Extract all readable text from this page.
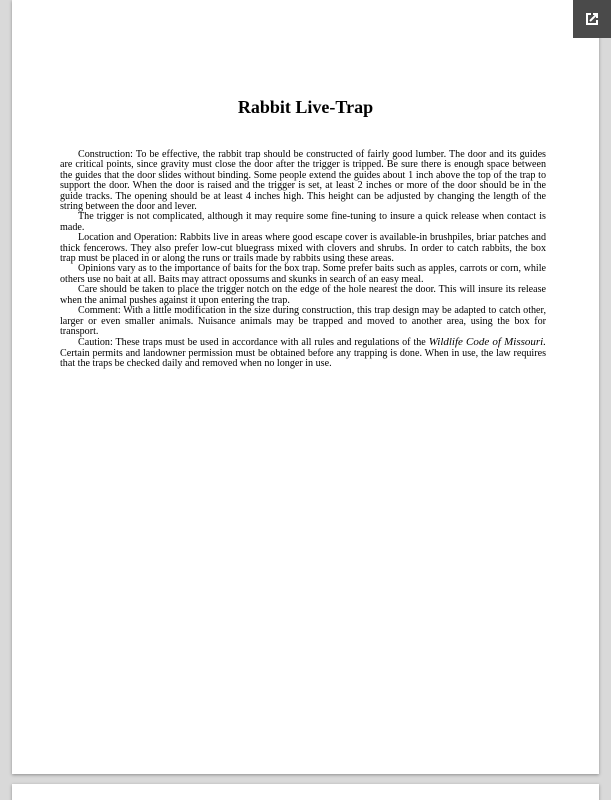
Rabbit Live-Trap

Construction: To be effective, the rabbit trap should be constructed of fairly good lumber. The door and its guides are critical points, since gravity must close the door after the trigger is tripped. Be sure there is enough space between the guides that the door slides without binding. Some people extend the guides about 1 inch above the top of the trap to support the door. When the door is raised and the trigger is set, at least 2 inches or more of the door should be in the guide tracks. The opening should be at least 4 inches high. This height can be adjusted by changing the length of the string between the door and lever.

The trigger is not complicated, although it may require some fine-tuning to insure a quick release when contact is made.

Location and Operation: Rabbits live in areas where good escape cover is available-in brushpiles, briar patches and thick fencerows. They also prefer low-cut bluegrass mixed with clovers and shrubs. In order to catch rabbits, the box trap must be placed in or along the runs or trails made by rabbits using these areas.

Opinions vary as to the importance of baits for the box trap. Some prefer baits such as apples, carrots or corn, while others use no bait at all. Baits may attract opossums and skunks in search of an easy meal.

Care should be taken to place the trigger notch on the edge of the hole nearest the door. This will insure its release when the animal pushes against it upon entering the trap.

Comment: With a little modification in the size during construction, this trap design may be adapted to catch other, larger or even smaller animals. Nuisance animals may be trapped and moved to another area, using the box for transport.

Caution: These traps must be used in accordance with all rules and regulations of the Wildlife Code of Missouri. Certain permits and landowner permission must be obtained before any trapping is done. When in use, the law requires that the traps be checked daily and removed when no longer in use.
